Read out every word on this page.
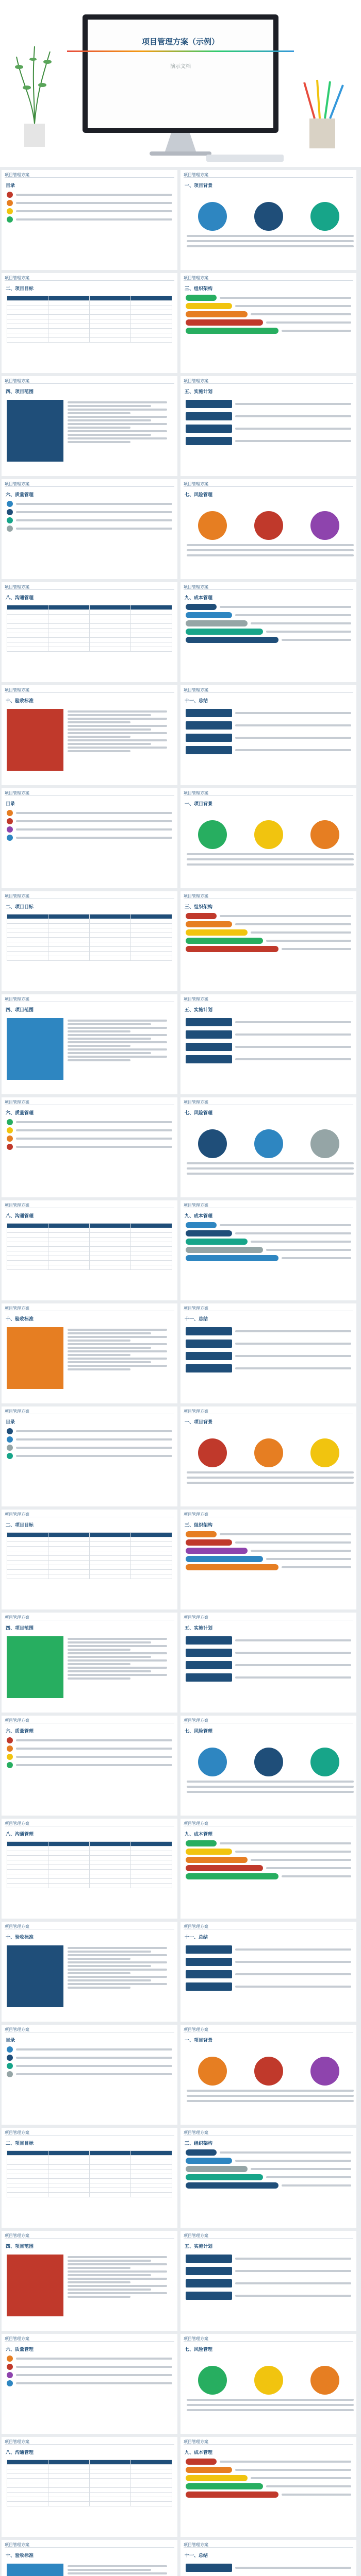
项目管理方案（示例）
演示文档
项目管理方案
目录
项目管理方案
一、项目背景
项目管理方案
二、项目目标

项目管理方案
三、组织架构
项目管理方案
四、项目范围
项目管理方案
五、实施计划
项目管理方案
六、质量管理
项目管理方案
七、风险管理
项目管理方案
八、沟通管理

项目管理方案
九、成本管理
项目管理方案
十、验收标准
项目管理方案
十一、总结
项目管理方案
目录
项目管理方案
一、项目背景
项目管理方案
二、项目目标

项目管理方案
三、组织架构
项目管理方案
四、项目范围
项目管理方案
五、实施计划
项目管理方案
六、质量管理
项目管理方案
七、风险管理
项目管理方案
八、沟通管理

项目管理方案
九、成本管理
项目管理方案
十、验收标准
项目管理方案
十一、总结
项目管理方案
目录
项目管理方案
一、项目背景
项目管理方案
二、项目目标

项目管理方案
三、组织架构
项目管理方案
四、项目范围
项目管理方案
五、实施计划
项目管理方案
六、质量管理
项目管理方案
七、风险管理
项目管理方案
八、沟通管理

项目管理方案
九、成本管理
项目管理方案
十、验收标准
项目管理方案
十一、总结
项目管理方案
目录
项目管理方案
一、项目背景
项目管理方案
二、项目目标

项目管理方案
三、组织架构
项目管理方案
四、项目范围
项目管理方案
五、实施计划
项目管理方案
六、质量管理
项目管理方案
七、风险管理
项目管理方案
八、沟通管理

项目管理方案
九、成本管理
项目管理方案
十、验收标准
项目管理方案
十一、总结
